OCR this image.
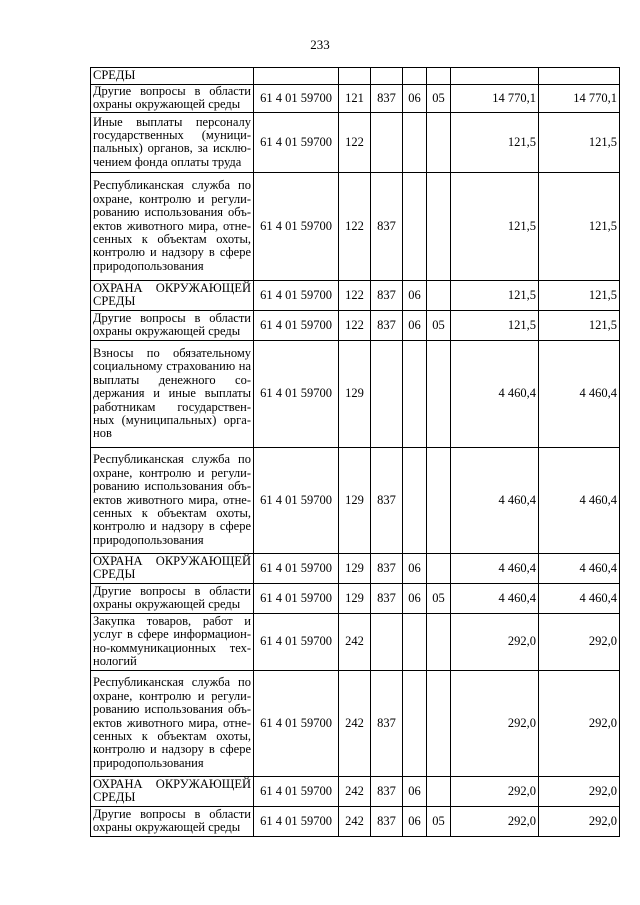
233
СРЕДЫ							
Другие вопросы в области охраны окружающей среды	61 4 01 59700	121	837	06	05	14 770,1	14 770,1
Иные выплаты персоналу государственных (муници-пальных) органов, за исклю-чением фонда оплаты труда	61 4 01 59700	122				121,5	121,5
Республиканская служба по охране, контролю и регули-рованию использования объ-ектов животного мира, отне-сенных к объектам охоты, контролю и надзору в сфере природопользования	61 4 01 59700	122	837			121,5	121,5
ОХРАНА ОКРУЖАЮЩЕЙ СРЕДЫ	61 4 01 59700	122	837	06		121,5	121,5
Другие вопросы в области охраны окружающей среды	61 4 01 59700	122	837	06	05	121,5	121,5
Взносы по обязательному социальному страхованию на выплаты денежного со-держания и иные выплаты работникам государствен-ных (муниципальных) орга-нов	61 4 01 59700	129				4 460,4	4 460,4
Республиканская служба по охране, контролю и регули-рованию использования объ-ектов животного мира, отне-сенных к объектам охоты, контролю и надзору в сфере природопользования	61 4 01 59700	129	837			4 460,4	4 460,4
ОХРАНА ОКРУЖАЮЩЕЙ СРЕДЫ	61 4 01 59700	129	837	06		4 460,4	4 460,4
Другие вопросы в области охраны окружающей среды	61 4 01 59700	129	837	06	05	4 460,4	4 460,4
Закупка товаров, работ и услуг в сфере информацион-но-коммуникационных тех-нологий	61 4 01 59700	242				292,0	292,0
Республиканская служба по охране, контролю и регули-рованию использования объ-ектов животного мира, отне-сенных к объектам охоты, контролю и надзору в сфере природопользования	61 4 01 59700	242	837			292,0	292,0
ОХРАНА ОКРУЖАЮЩЕЙ СРЕДЫ	61 4 01 59700	242	837	06		292,0	292,0
Другие вопросы в области охраны окружающей среды	61 4 01 59700	242	837	06	05	292,0	292,0
